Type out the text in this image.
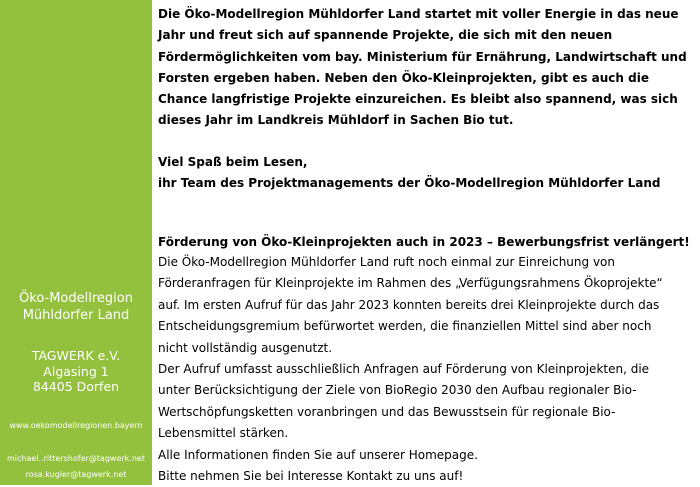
Öko-Modellregion
Mühldorfer Land
TAGWERK e.V.
Algasing 1
84405 Dorfen
www.oekomodellregionen.bayern
michael..rittershofer@tagwerk.net
rosa.kugler@tagwerk.net

Die Öko-Modellregion Mühldorfer Land startet mit voller Energie in das neue

Jahr und freut sich auf spannende Projekte, die sich mit den neuen

Fördermöglichkeiten vom bay. Ministerium für Ernährung, Landwirtschaft und

Forsten ergeben haben. Neben den Öko-Kleinprojekten, gibt es auch die

Chance langfristige Projekte einzureichen. Es bleibt also spannend, was sich

dieses Jahr im Landkreis Mühldorf in Sachen Bio tut.

Viel Spaß beim Lesen,

ihr Team des Projektmanagements der Öko-Modellregion Mühldorfer Land

Förderung von Öko-Kleinprojekten auch in 2023 – Bewerbungsfrist verlängert!

Die Öko-Modellregion Mühldorfer Land ruft noch einmal zur Einreichung von

Förderanfragen für Kleinprojekte im Rahmen des „Verfügungsrahmens Ökoprojekte“

auf. Im ersten Aufruf für das Jahr 2023 konnten bereits drei Kleinprojekte durch das

Entscheidungsgremium befürwortet werden, die finanziellen Mittel sind aber noch

nicht vollständig ausgenutzt.

Der Aufruf umfasst ausschließlich Anfragen auf Förderung von Kleinprojekten, die

unter Berücksichtigung der Ziele von BioRegio 2030 den Aufbau regionaler Bio-

Wertschöpfungsketten voranbringen und das Bewusstsein für regionale Bio-

Lebensmittel stärken.

Alle Informationen finden Sie auf unserer Homepage.

Bitte nehmen Sie bei Interesse Kontakt zu uns auf!
